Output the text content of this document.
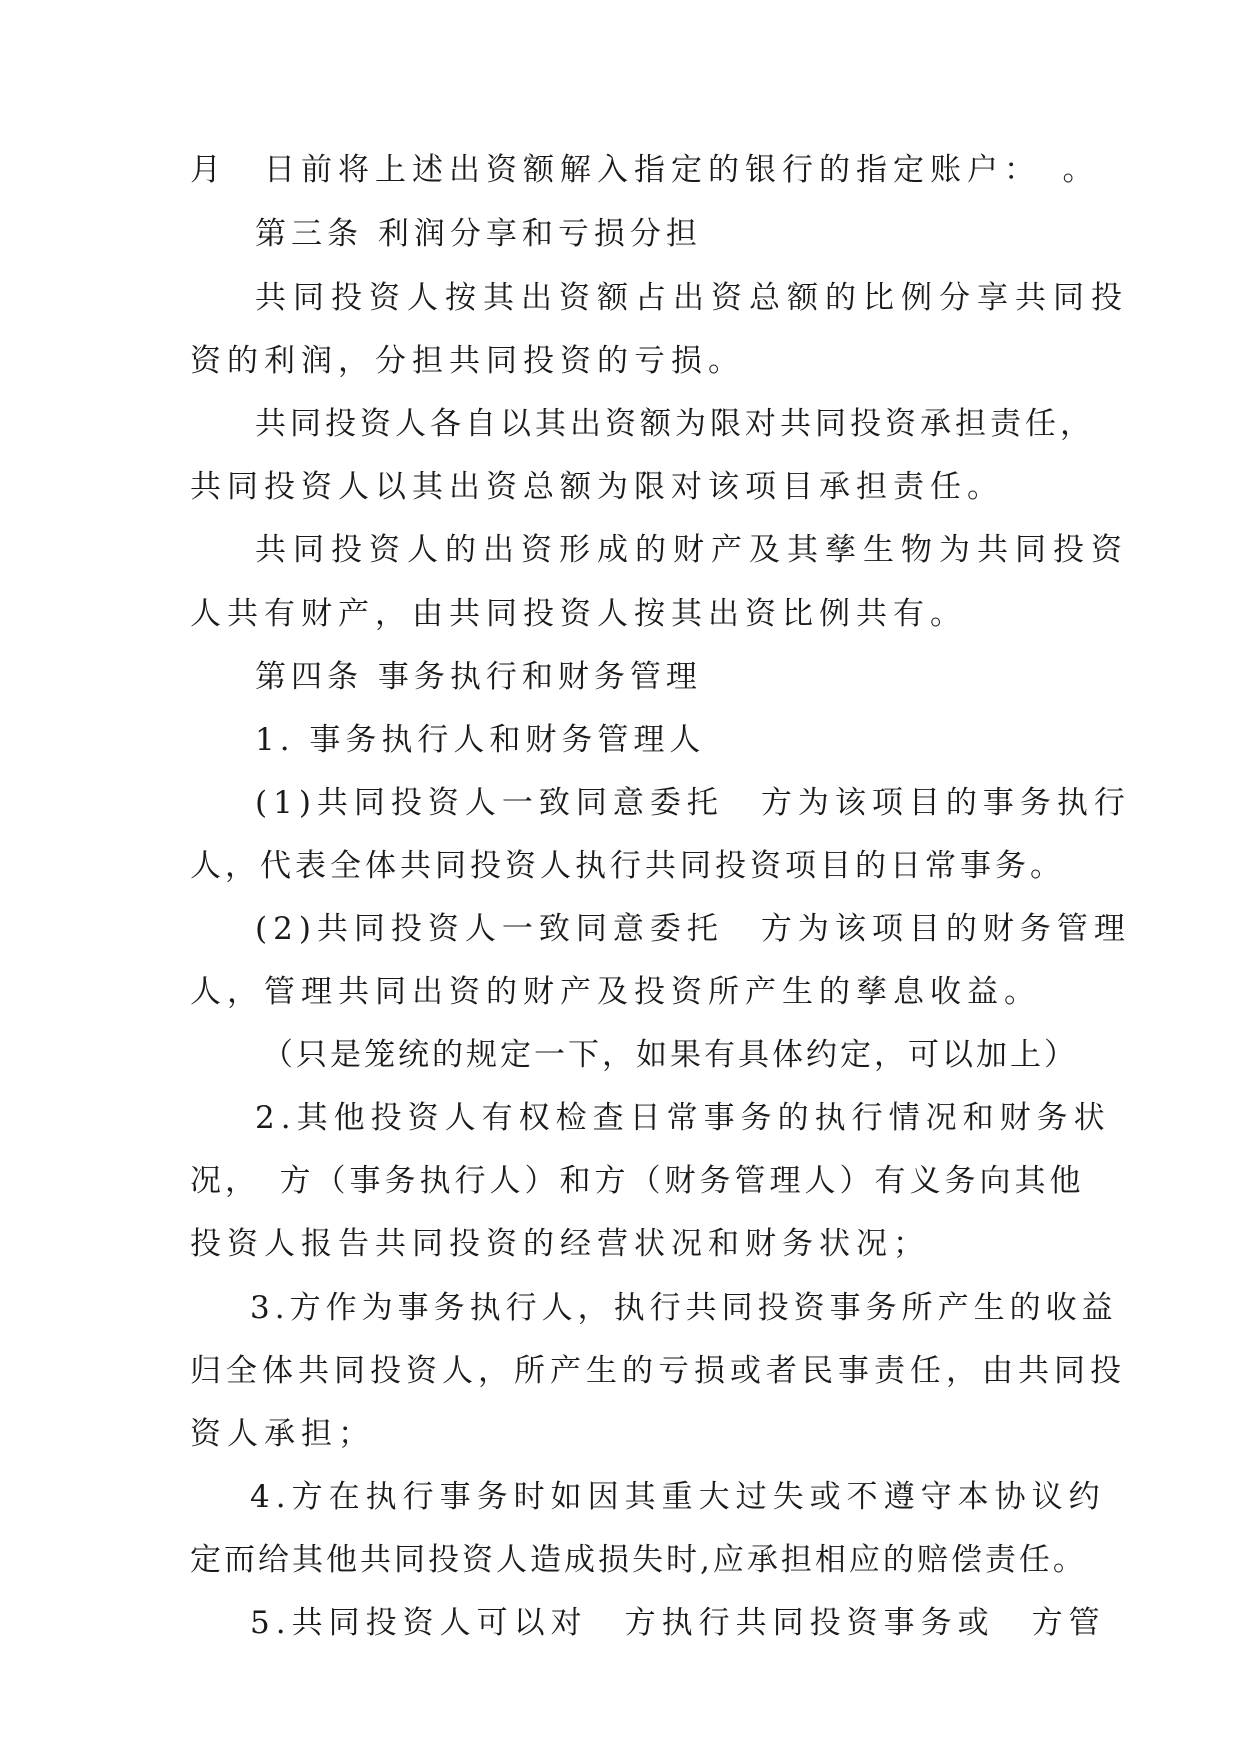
月　日前将上述出资额解入指定的银行的指定账户：　。
第三条 利润分享和亏损分担
共同投资人按其出资额占出资总额的比例分享共同投
资的利润，分担共同投资的亏损。
共同投资人各自以其出资额为限对共同投资承担责任，
共同投资人以其出资总额为限对该项目承担责任。
共同投资人的出资形成的财产及其孳生物为共同投资
人共有财产，由共同投资人按其出资比例共有。
第四条 事务执行和财务管理
1. 事务执行人和财务管理人
(1)共同投资人一致同意委托　方为该项目的事务执行
人，代表全体共同投资人执行共同投资项目的日常事务。
(2)共同投资人一致同意委托　方为该项目的财务管理
人，管理共同出资的财产及投资所产生的孳息收益。
（只是笼统的规定一下，如果有具体约定，可以加上）
2.其他投资人有权检查日常事务的执行情况和财务状
况，　方（事务执行人）和方（财务管理人）有义务向其他
投资人报告共同投资的经营状况和财务状况；
3.方作为事务执行人，执行共同投资事务所产生的收益
归全体共同投资人，所产生的亏损或者民事责任，由共同投
资人承担；
4.方在执行事务时如因其重大过失或不遵守本协议约
定而给其他共同投资人造成损失时,应承担相应的赔偿责任。
5.共同投资人可以对　方执行共同投资事务或　方管
